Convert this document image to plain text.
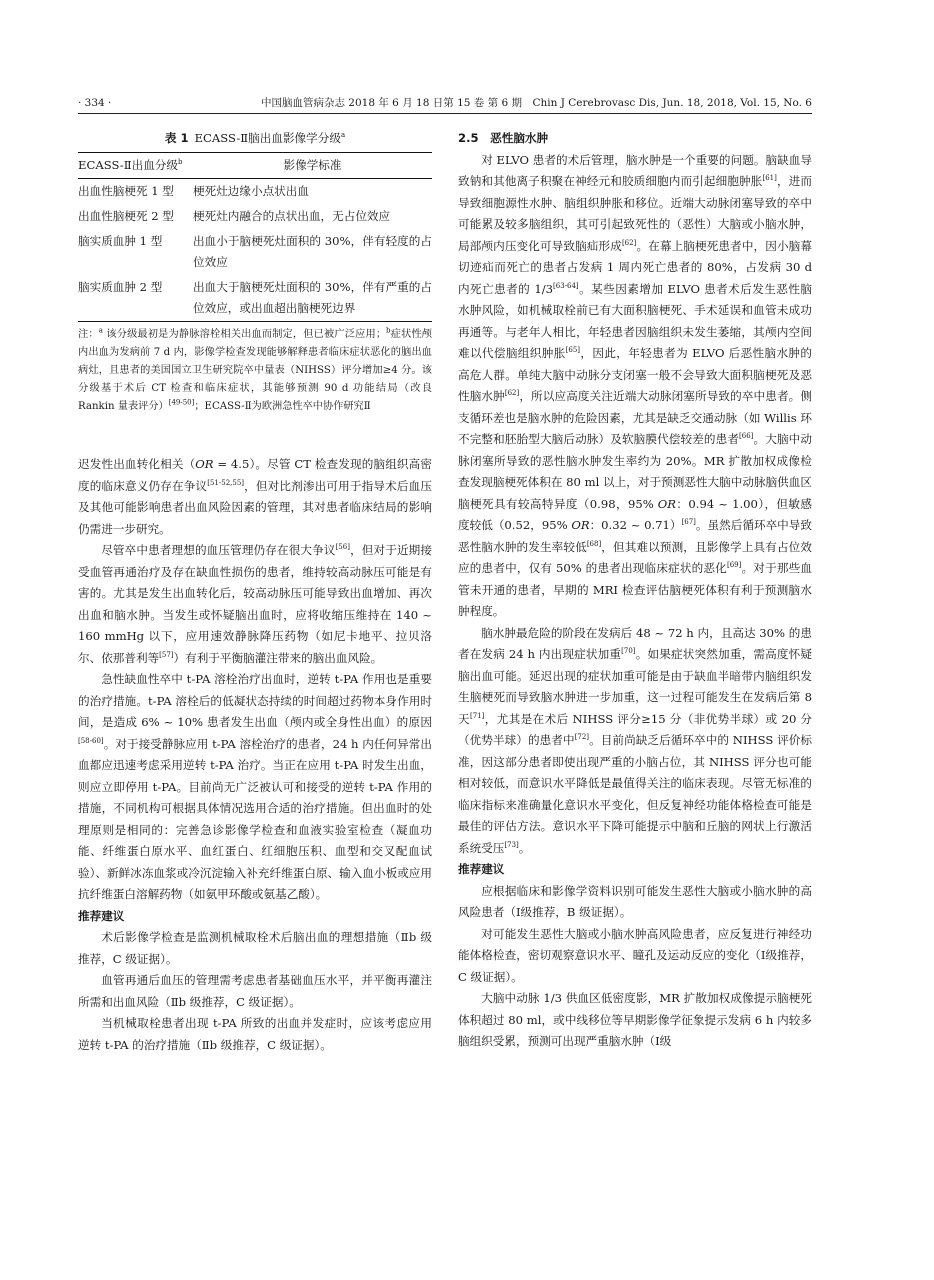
· 334 ·	中国脑血管病杂志 2018 年 6 月 18 日第 15 卷 第 6 期　Chin J Cerebrovasc Dis, Jun. 18, 2018, Vol. 15, No. 6
表 1 ECASS-Ⅱ脑出血影像学分级$^a$
ECASS-Ⅱ出血分级$^b$	影像学标准
出血性脑梗死 1 型	梗死灶边缘小点状出血
出血性脑梗死 2 型	梗死灶内融合的点状出血，无占位效应
脑实质血肿 1 型	出血小于脑梗死灶面积的 30%，伴有轻度的占位效应
脑实质血肿 2 型	出血大于脑梗死灶面积的 30%，伴有严重的占位效应，或出血超出脑梗死边界
注：$^a$ 该分级最初是为静脉溶栓相关出血而制定，但已被广泛应用；$^b$症状性颅内出血为发病前 7 d 内，影像学检查发现能够解释患者临床症状恶化的脑出血病灶，且患者的美国国立卫生研究院卒中量表（NIHSS）评分增加≥4 分。该分级基于术后 CT 检查和临床症状，其能够预测 90 d 功能结局（改良 Rankin 量表评分）[49-50]；ECASS-Ⅱ为欧洲急性卒中协作研究Ⅱ

迟发性出血转化相关（OR = 4.5）。尽管 CT 检查发现的脑组织高密度的临床意义仍存在争议[51-52,55]，但对比剂渗出可用于指导术后血压及其他可能影响患者出血风险因素的管理，其对患者临床结局的影响仍需进一步研究。

尽管卒中患者理想的血压管理仍存在很大争议[56]，但对于近期接受血管再通治疗及存在缺血性损伤的患者，维持较高动脉压可能是有害的。尤其是发生出血转化后，较高动脉压可能导致出血增加、再次出血和脑水肿。当发生或怀疑脑出血时，应将收缩压维持在 140 ~ 160 mmHg 以下，应用速效静脉降压药物（如尼卡地平、拉贝洛尔、依那普利等[57]）有利于平衡脑灌注带来的脑出血风险。

急性缺血性卒中 t-PA 溶栓治疗出血时，逆转 t-PA 作用也是重要的治疗措施。t-PA 溶栓后的低凝状态持续的时间超过药物本身作用时间，是造成 6% ~ 10% 患者发生出血（颅内或全身性出血）的原因[58-60]。对于接受静脉应用 t-PA 溶栓治疗的患者，24 h 内任何异常出血都应迅速考虑采用逆转 t-PA 治疗。当正在应用 t-PA 时发生出血，则应立即停用 t-PA。目前尚无广泛被认可和接受的逆转 t-PA 作用的措施，不同机构可根据具体情况选用合适的治疗措施。但出血时的处理原则是相同的：完善急诊影像学检查和血液实验室检查（凝血功能、纤维蛋白原水平、血红蛋白、红细胞压积、血型和交叉配血试验）、新鲜冰冻血浆或冷沉淀输入补充纤维蛋白原、输入血小板或应用抗纤维蛋白溶解药物（如氨甲环酸或氨基乙酸）。

推荐建议

术后影像学检查是监测机械取栓术后脑出血的理想措施（Ⅱb 级推荐，C 级证据）。

血管再通后血压的管理需考虑患者基础血压水平，并平衡再灌注所需和出血风险（Ⅱb 级推荐，C 级证据）。

当机械取栓患者出现 t-PA 所致的出血并发症时，应该考虑应用逆转 t-PA 的治疗措施（Ⅱb 级推荐，C 级证据）。

2.5　恶性脑水肿

对 ELVO 患者的术后管理，脑水肿是一个重要的问题。脑缺血导致钠和其他离子积聚在神经元和胶质细胞内而引起细胞肿胀[61]，进而导致细胞源性水肿、脑组织肿胀和移位。近端大动脉闭塞导致的卒中可能累及较多脑组织，其可引起致死性的（恶性）大脑或小脑水肿，局部颅内压变化可导致脑疝形成[62]。在幕上脑梗死患者中，因小脑幕切迹疝而死亡的患者占发病 1 周内死亡患者的 80%，占发病 30 d 内死亡患者的 1/3[63-64]。某些因素增加 ELVO 患者术后发生恶性脑水肿风险，如机械取栓前已有大面积脑梗死、手术延误和血管未成功再通等。与老年人相比，年轻患者因脑组织未发生萎缩，其颅内空间难以代偿脑组织肿胀[65]，因此，年轻患者为 ELVO 后恶性脑水肿的高危人群。单纯大脑中动脉分支闭塞一般不会导致大面积脑梗死及恶性脑水肿[62]，所以应高度关注近端大动脉闭塞所导致的卒中患者。侧支循环差也是脑水肿的危险因素，尤其是缺乏交通动脉（如 Willis 环不完整和胚胎型大脑后动脉）及软脑膜代偿较差的患者[66]。大脑中动脉闭塞所导致的恶性脑水肿发生率约为 20%。MR 扩散加权成像检查发现脑梗死体积在 80 ml 以上，对于预测恶性大脑中动脉脑供血区脑梗死具有较高特异度（0.98，95% OR：0.94 ~ 1.00），但敏感度较低（0.52，95% OR：0.32 ~ 0.71）[67]。虽然后循环卒中导致恶性脑水肿的发生率较低[68]，但其难以预测，且影像学上具有占位效应的患者中，仅有 50% 的患者出现临床症状的恶化[69]。对于那些血管未开通的患者，早期的 MRI 检查评估脑梗死体积有利于预测脑水肿程度。

脑水肿最危险的阶段在发病后 48 ~ 72 h 内，且高达 30% 的患者在发病 24 h 内出现症状加重[70]。如果症状突然加重，需高度怀疑脑出血可能。延迟出现的症状加重可能是由于缺血半暗带内脑组织发生脑梗死而导致脑水肿进一步加重，这一过程可能发生在发病后第 8 天[71]，尤其是在术后 NIHSS 评分≥15 分（非优势半球）或 20 分（优势半球）的患者中[72]。目前尚缺乏后循环卒中的 NIHSS 评价标准，因这部分患者即使出现严重的小脑占位，其 NIHSS 评分也可能相对较低，而意识水平降低是最值得关注的临床表现。尽管无标准的临床指标来准确量化意识水平变化，但反复神经功能体格检查可能是最佳的评估方法。意识水平下降可能提示中脑和丘脑的网状上行激活系统受压[73]。

推荐建议

应根据临床和影像学资料识别可能发生恶性大脑或小脑水肿的高风险患者（Ⅰ级推荐，B 级证据）。

对可能发生恶性大脑或小脑水肿高风险患者，应反复进行神经功能体格检查，密切观察意识水平、瞳孔及运动反应的变化（Ⅰ级推荐，C 级证据）。

大脑中动脉 1/3 供血区低密度影，MR 扩散加权成像提示脑梗死体积超过 80 ml，或中线移位等早期影像学征象提示发病 6 h 内较多脑组织受累，预测可出现严重脑水肿（Ⅰ级
